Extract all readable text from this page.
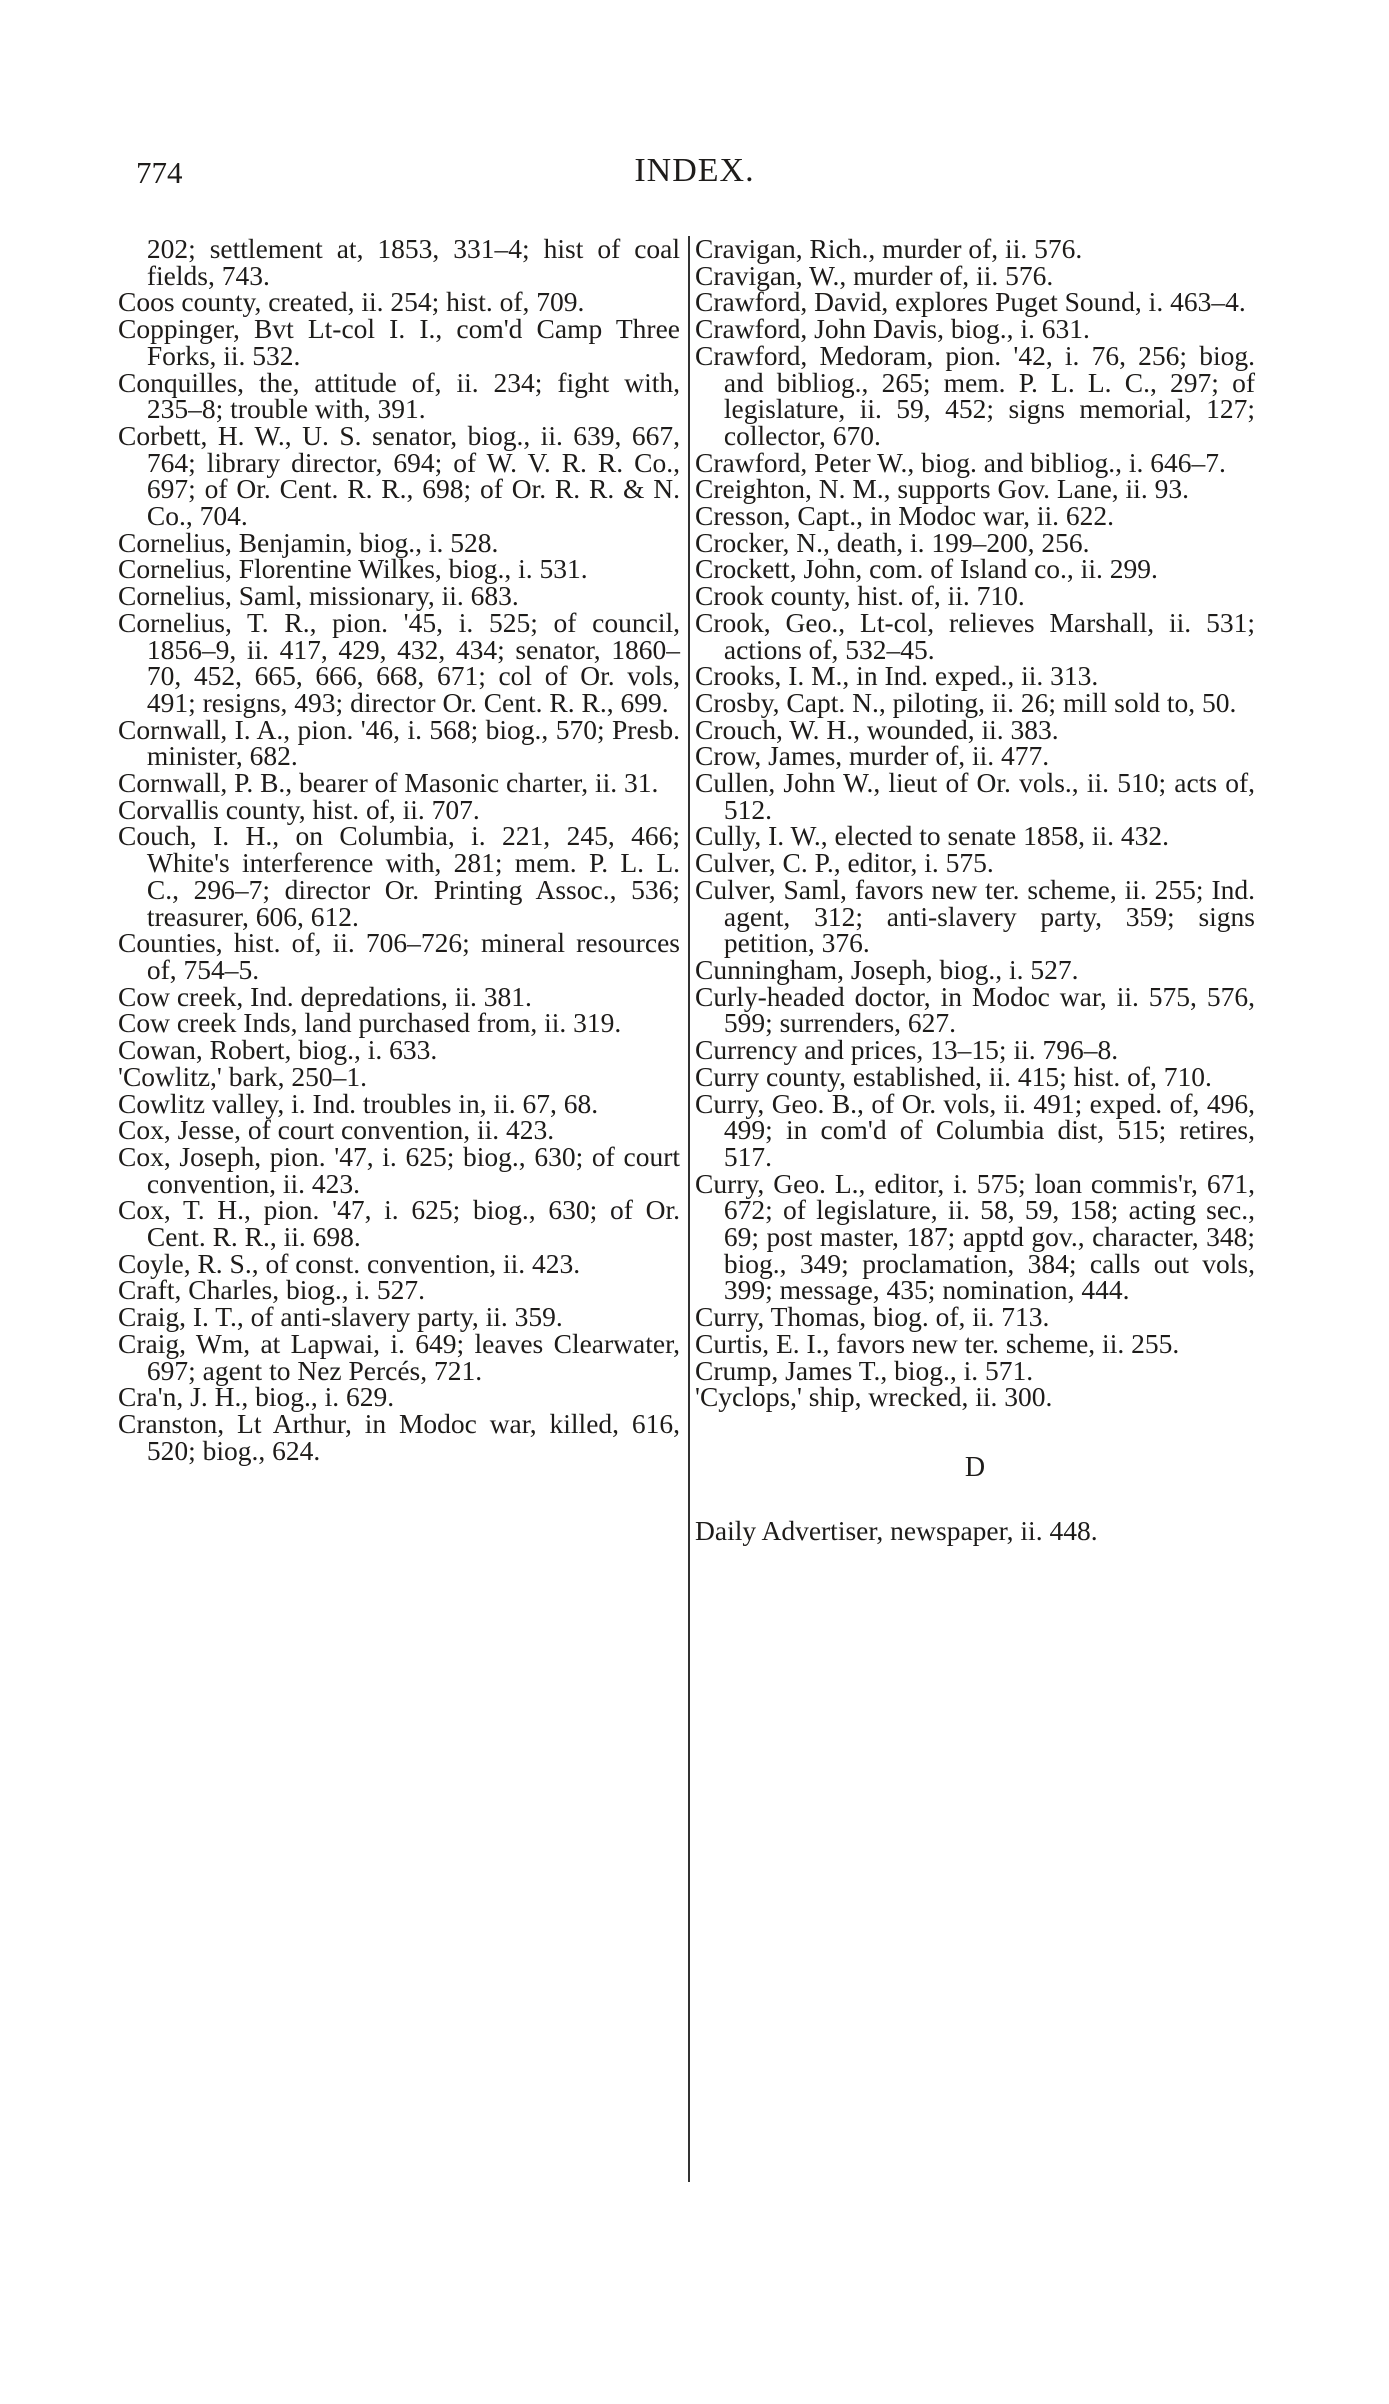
774	INDEX.

202; settlement at, 1853, 331–4; hist of coal fields, 743.

Coos county, created, ii. 254; hist. of, 709.

Coppinger, Bvt Lt-col I. I., com'd Camp Three Forks, ii. 532.

Conquilles, the, attitude of, ii. 234; fight with, 235–8; trouble with, 391.

Corbett, H. W., U. S. senator, biog., ii. 639, 667, 764; library director, 694; of W. V. R. R. Co., 697; of Or. Cent. R. R., 698; of Or. R. R. & N. Co., 704.

Cornelius, Benjamin, biog., i. 528.

Cornelius, Florentine Wilkes, biog., i. 531.

Cornelius, Saml, missionary, ii. 683.

Cornelius, T. R., pion. '45, i. 525; of council, 1856–9, ii. 417, 429, 432, 434; senator, 1860–70, 452, 665, 666, 668, 671; col of Or. vols, 491; resigns, 493; director Or. Cent. R. R., 699.

Cornwall, I. A., pion. '46, i. 568; biog., 570; Presb. minister, 682.

Cornwall, P. B., bearer of Masonic charter, ii. 31.

Corvallis county, hist. of, ii. 707.

Couch, I. H., on Columbia, i. 221, 245, 466; White's interference with, 281; mem. P. L. L. C., 296–7; director Or. Printing Assoc., 536; treasurer, 606, 612.

Counties, hist. of, ii. 706–726; mineral resources of, 754–5.

Cow creek, Ind. depredations, ii. 381.

Cow creek Inds, land purchased from, ii. 319.

Cowan, Robert, biog., i. 633.

'Cowlitz,' bark, 250–1.

Cowlitz valley, i. Ind. troubles in, ii. 67, 68.

Cox, Jesse, of court convention, ii. 423.

Cox, Joseph, pion. '47, i. 625; biog., 630; of court convention, ii. 423.

Cox, T. H., pion. '47, i. 625; biog., 630; of Or. Cent. R. R., ii. 698.

Coyle, R. S., of const. convention, ii. 423.

Craft, Charles, biog., i. 527.

Craig, I. T., of anti-slavery party, ii. 359.

Craig, Wm, at Lapwai, i. 649; leaves Clearwater, 697; agent to Nez Percés, 721.

Cra'n, J. H., biog., i. 629.

Cranston, Lt Arthur, in Modoc war, killed, 616, 520; biog., 624.

Cravigan, Rich., murder of, ii. 576.

Cravigan, W., murder of, ii. 576.

Crawford, David, explores Puget Sound, i. 463–4.

Crawford, John Davis, biog., i. 631.

Crawford, Medoram, pion. '42, i. 76, 256; biog. and bibliog., 265; mem. P. L. L. C., 297; of legislature, ii. 59, 452; signs memorial, 127; collector, 670.

Crawford, Peter W., biog. and bibliog., i. 646–7.

Creighton, N. M., supports Gov. Lane, ii. 93.

Cresson, Capt., in Modoc war, ii. 622.

Crocker, N., death, i. 199–200, 256.

Crockett, John, com. of Island co., ii. 299.

Crook county, hist. of, ii. 710.

Crook, Geo., Lt-col, relieves Marshall, ii. 531; actions of, 532–45.

Crooks, I. M., in Ind. exped., ii. 313.

Crosby, Capt. N., piloting, ii. 26; mill sold to, 50.

Crouch, W. H., wounded, ii. 383.

Crow, James, murder of, ii. 477.

Cullen, John W., lieut of Or. vols., ii. 510; acts of, 512.

Cully, I. W., elected to senate 1858, ii. 432.

Culver, C. P., editor, i. 575.

Culver, Saml, favors new ter. scheme, ii. 255; Ind. agent, 312; anti-slavery party, 359; signs petition, 376.

Cunningham, Joseph, biog., i. 527.

Curly-headed doctor, in Modoc war, ii. 575, 576, 599; surrenders, 627.

Currency and prices, 13–15; ii. 796–8.

Curry county, established, ii. 415; hist. of, 710.

Curry, Geo. B., of Or. vols, ii. 491; exped. of, 496, 499; in com'd of Columbia dist, 515; retires, 517.

Curry, Geo. L., editor, i. 575; loan commis'r, 671, 672; of legislature, ii. 58, 59, 158; acting sec., 69; post master, 187; apptd gov., character, 348; biog., 349; proclamation, 384; calls out vols, 399; message, 435; nomination, 444.

Curry, Thomas, biog. of, ii. 713.

Curtis, E. I., favors new ter. scheme, ii. 255.

Crump, James T., biog., i. 571.

'Cyclops,' ship, wrecked, ii. 300.

D

Daily Advertiser, newspaper, ii. 448.
